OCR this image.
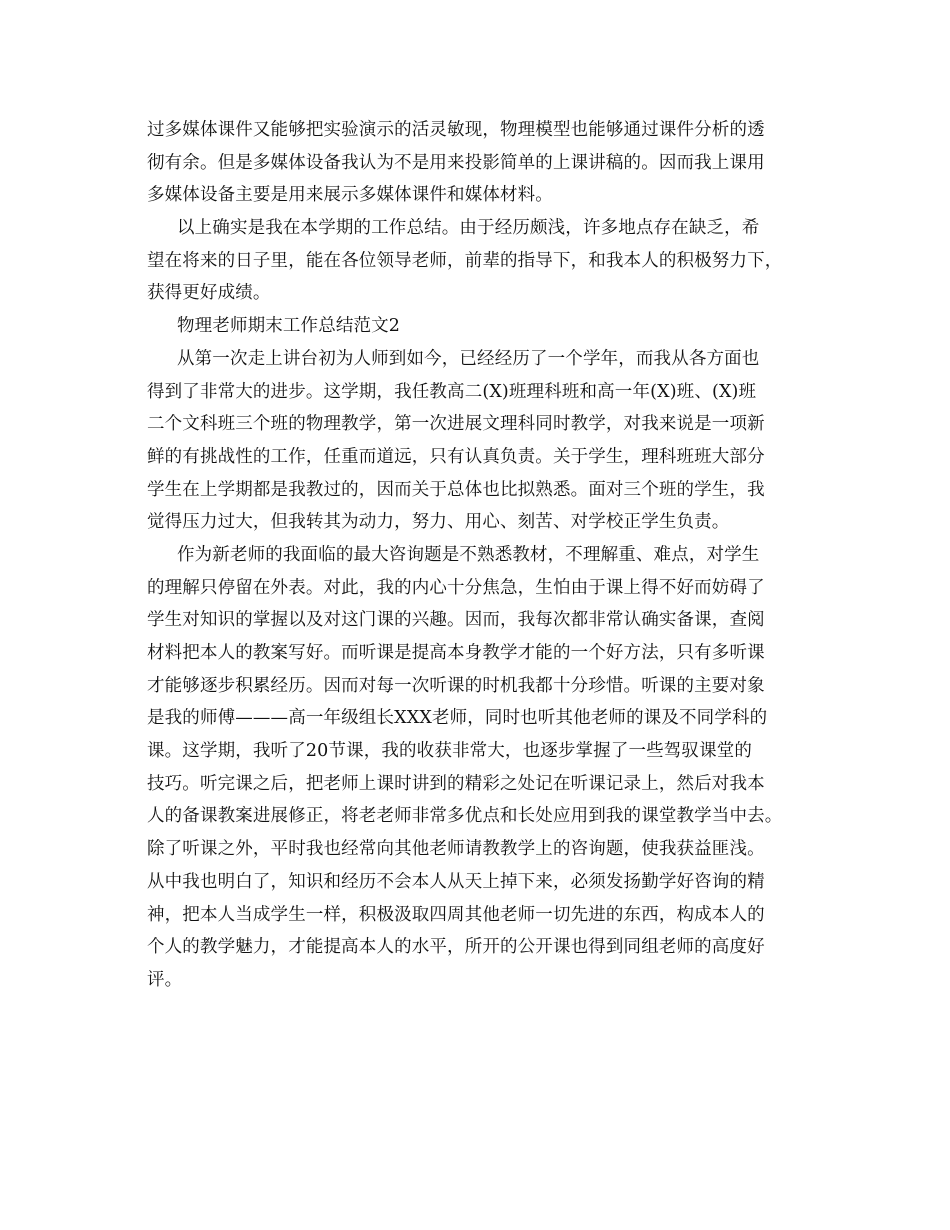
过多媒体课件又能够把实验演示的活灵敏现，物理模型也能够通过课件分析的透
彻有余。但是多媒体设备我认为不是用来投影简单的上课讲稿的。因而我上课用
多媒体设备主要是用来展示多媒体课件和媒体材料。
以上确实是我在本学期的工作总结。由于经历颇浅，许多地点存在缺乏，希
望在将来的日子里，能在各位领导老师，前辈的指导下，和我本人的积极努力下，
获得更好成绩。
物理老师期末工作总结范文2
从第一次走上讲台初为人师到如今，已经经历了一个学年，而我从各方面也
得到了非常大的进步。这学期，我任教高二(X)班理科班和高一年(X)班、(X)班
二个文科班三个班的物理教学，第一次进展文理科同时教学，对我来说是一项新
鲜的有挑战性的工作，任重而道远，只有认真负责。关于学生，理科班班大部分
学生在上学期都是我教过的，因而关于总体也比拟熟悉。面对三个班的学生，我
觉得压力过大，但我转其为动力，努力、用心、刻苦、对学校正学生负责。
作为新老师的我面临的最大咨询题是不熟悉教材，不理解重、难点，对学生
的理解只停留在外表。对此，我的内心十分焦急，生怕由于课上得不好而妨碍了
学生对知识的掌握以及对这门课的兴趣。因而，我每次都非常认确实备课，查阅
材料把本人的教案写好。而听课是提高本身教学才能的一个好方法，只有多听课
才能够逐步积累经历。因而对每一次听课的时机我都十分珍惜。听课的主要对象
是我的师傅———高一年级组长XXX老师，同时也听其他老师的课及不同学科的
课。这学期，我听了20节课，我的收获非常大，也逐步掌握了一些驾驭课堂的
技巧。听完课之后，把老师上课时讲到的精彩之处记在听课记录上，然后对我本
人的备课教案进展修正，将老老师非常多优点和长处应用到我的课堂教学当中去。
除了听课之外，平时我也经常向其他老师请教教学上的咨询题，使我获益匪浅。
从中我也明白了，知识和经历不会本人从天上掉下来，必须发扬勤学好咨询的精
神，把本人当成学生一样，积极汲取四周其他老师一切先进的东西，构成本人的
个人的教学魅力，才能提高本人的水平，所开的公开课也得到同组老师的高度好
评。
